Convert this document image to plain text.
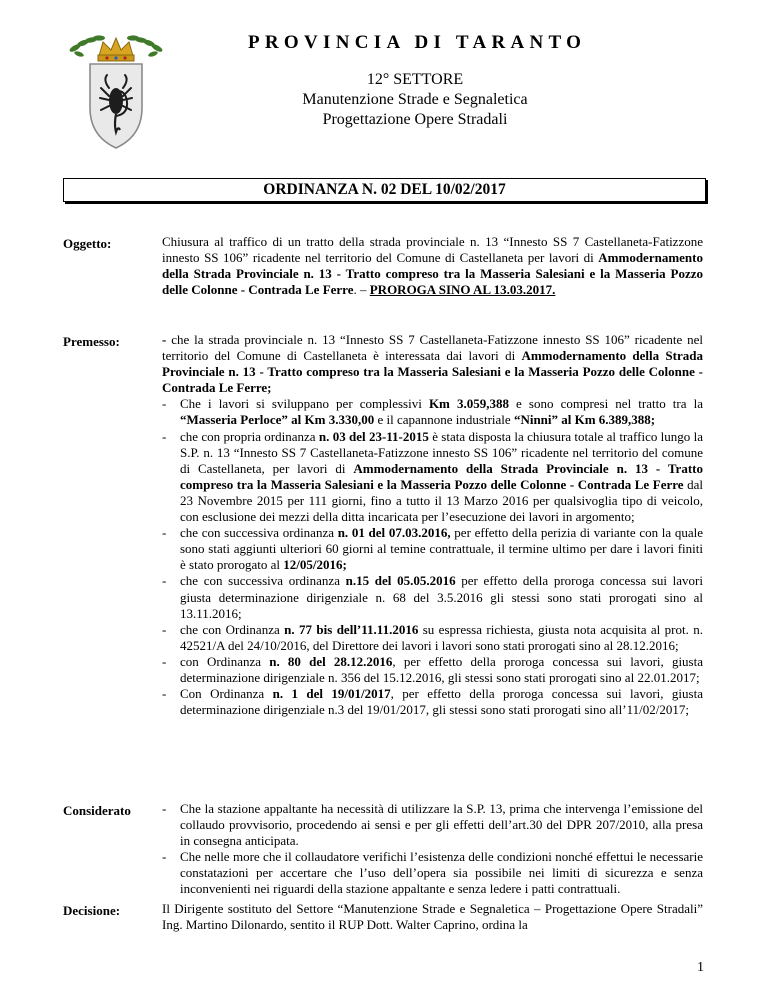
PROVINCIA DI TARANTO
12° SETTORE
Manutenzione Strade e Segnaletica
Progettazione Opere Stradali
ORDINANZA N. 02 DEL 10/02/2017
Oggetto:	Chiusura al traffico di un tratto della strada provinciale n. 13 “Innesto SS 7 Castellaneta-Fatizzone innesto SS 106” ricadente nel territorio del Comune di Castellaneta per lavori di Ammodernamento della Strada Provinciale n. 13 - Tratto compreso tra la Masseria Salesiani e la Masseria Pozzo delle Colonne - Contrada Le Ferre. – PROROGA SINO AL 13.03.2017.

Premesso:	- che la strada provinciale n. 13 “Innesto SS 7 Castellaneta-Fatizzone innesto SS 106” ricadente nel territorio del Comune di Castellaneta è interessata dai lavori di Ammodernamento della Strada Provinciale n. 13 - Tratto compreso tra la Masseria Salesiani e la Masseria Pozzo delle Colonne - Contrada Le Ferre;

- Che i lavori si sviluppano per complessivi Km 3.059,388 e sono compresi nel tratto tra la “Masseria Perloce” al Km 3.330,00 e il capannone industriale “Ninni” al Km 6.389,388;
- che con propria ordinanza n. 03 del 23-11-2015 è stata disposta la chiusura totale al traffico lungo la S.P. n. 13 “Innesto SS 7 Castellaneta-Fatizzone innesto SS 106” ricadente nel territorio del comune di Castellaneta, per lavori di Ammodernamento della Strada Provinciale n. 13 - Tratto compreso tra la Masseria Salesiani e la Masseria Pozzo delle Colonne - Contrada Le Ferre dal 23 Novembre 2015 per 111 giorni, fino a tutto il 13 Marzo 2016 per qualsivoglia tipo di veicolo, con esclusione dei mezzi della ditta incaricata per l’esecuzione dei lavori in argomento;
- che con successiva ordinanza n. 01 del 07.03.2016, per effetto della perizia di variante con la quale sono stati aggiunti ulteriori 60 giorni al temine contrattuale, il termine ultimo per dare i lavori finiti è stato prorogato al 12/05/2016;
- che con successiva ordinanza n.15 del 05.05.2016 per effetto della proroga concessa sui lavori giusta determinazione dirigenziale n. 68 del 3.5.2016 gli stessi sono stati prorogati sino al 13.11.2016;
- che con Ordinanza n. 77 bis dell’11.11.2016 su espressa richiesta, giusta nota acquisita al prot. n. 42521/A del 24/10/2016, del Direttore dei lavori i lavori sono stati prorogati sino al 28.12.2016;
- con Ordinanza n. 80 del 28.12.2016, per effetto della proroga concessa sui lavori, giusta determinazione dirigenziale n. 356 del 15.12.2016, gli stessi sono stati prorogati sino al 22.01.2017;
- Con Ordinanza n. 1 del 19/01/2017, per effetto della proroga concessa sui lavori, giusta determinazione dirigenziale n.3 del 19/01/2017, gli stessi sono stati prorogati sino all’11/02/2017;
Considerato - Che la stazione appaltante ha necessità di utilizzare la S.P. 13, prima che intervenga l’emissione del collaudo provvisorio, procedendo ai sensi e per gli effetti dell’art.30 del DPR 207/2010, alla presa in consegna anticipata.
- Che nelle more che il collaudatore verifichi l’esistenza delle condizioni nonché effettui le necessarie constatazioni per accertare che l’uso dell’opera sia possibile nei limiti di sicurezza e senza inconvenienti nei riguardi della stazione appaltante e senza ledere i patti contrattuali.
Decisione:	Il Dirigente sostituto del Settore “Manutenzione Strade e Segnaletica – Progettazione Opere Stradali” Ing. Martino Dilonardo, sentito il RUP Dott. Walter Caprino, ordina la

1
